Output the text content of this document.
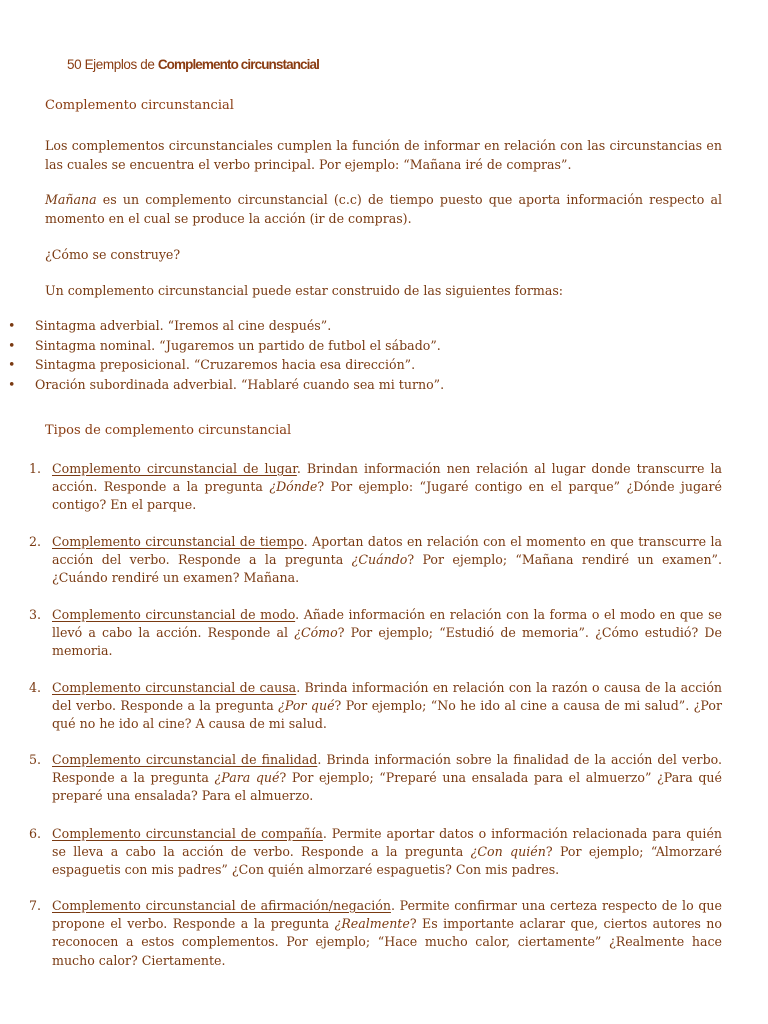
50 Ejemplos de Complemento circunstancial
Complemento circunstancial
Los complementos circunstanciales cumplen la función de informar en relación con las circunstancias en las cuales se encuentra el verbo principal. Por ejemplo: “Mañana iré de compras”.
Mañana es un complemento circunstancial (c.c) de tiempo puesto que aporta información respecto al momento en el cual se produce la acción (ir de compras).
¿Cómo se construye?
Un complemento circunstancial puede estar construido de las siguientes formas:
• Sintagma adverbial. “Iremos al cine después”.
• Sintagma nominal. “Jugaremos un partido de futbol el sábado”.
• Sintagma preposicional. “Cruzaremos hacia esa dirección”.
• Oración subordinada adverbial. “Hablaré cuando sea mi turno”.
Tipos de complemento circunstancial
1. Complemento circunstancial de lugar. Brindan información nen relación al lugar donde transcurre la acción. Responde a la pregunta ¿Dónde? Por ejemplo: “Jugaré contigo en el parque” ¿Dónde jugaré contigo? En el parque.
2. Complemento circunstancial de tiempo. Aportan datos en relación con el momento en que transcurre la acción del verbo. Responde a la pregunta ¿Cuándo? Por ejemplo; “Mañana rendiré un examen”. ¿Cuándo rendiré un examen? Mañana.
3. Complemento circunstancial de modo. Añade información en relación con la forma o el modo en que se llevó a cabo la acción. Responde al ¿Cómo? Por ejemplo; “Estudió de memoria”. ¿Cómo estudió? De memoria.
4. Complemento circunstancial de causa. Brinda información en relación con la razón o causa de la acción del verbo. Responde a la pregunta ¿Por qué? Por ejemplo; “No he ido al cine a causa de mi salud”. ¿Por qué no he ido al cine? A causa de mi salud.
5. Complemento circunstancial de finalidad. Brinda información sobre la finalidad de la acción del verbo. Responde a la pregunta ¿Para qué? Por ejemplo; “Preparé una ensalada para el almuerzo” ¿Para qué preparé una ensalada? Para el almuerzo.
6. Complemento circunstancial de compañía. Permite aportar datos o información relacionada para quién se lleva a cabo la acción de verbo. Responde a la pregunta ¿Con quién? Por ejemplo; “Almorzaré espaguetis con mis padres” ¿Con quién almorzaré espaguetis? Con mis padres.
7. Complemento circunstancial de afirmación/negación. Permite confirmar una certeza respecto de lo que propone el verbo. Responde a la pregunta ¿Realmente? Es importante aclarar que, ciertos autores no reconocen a estos complementos. Por ejemplo; “Hace mucho calor, ciertamente” ¿Realmente hace mucho calor? Ciertamente.
